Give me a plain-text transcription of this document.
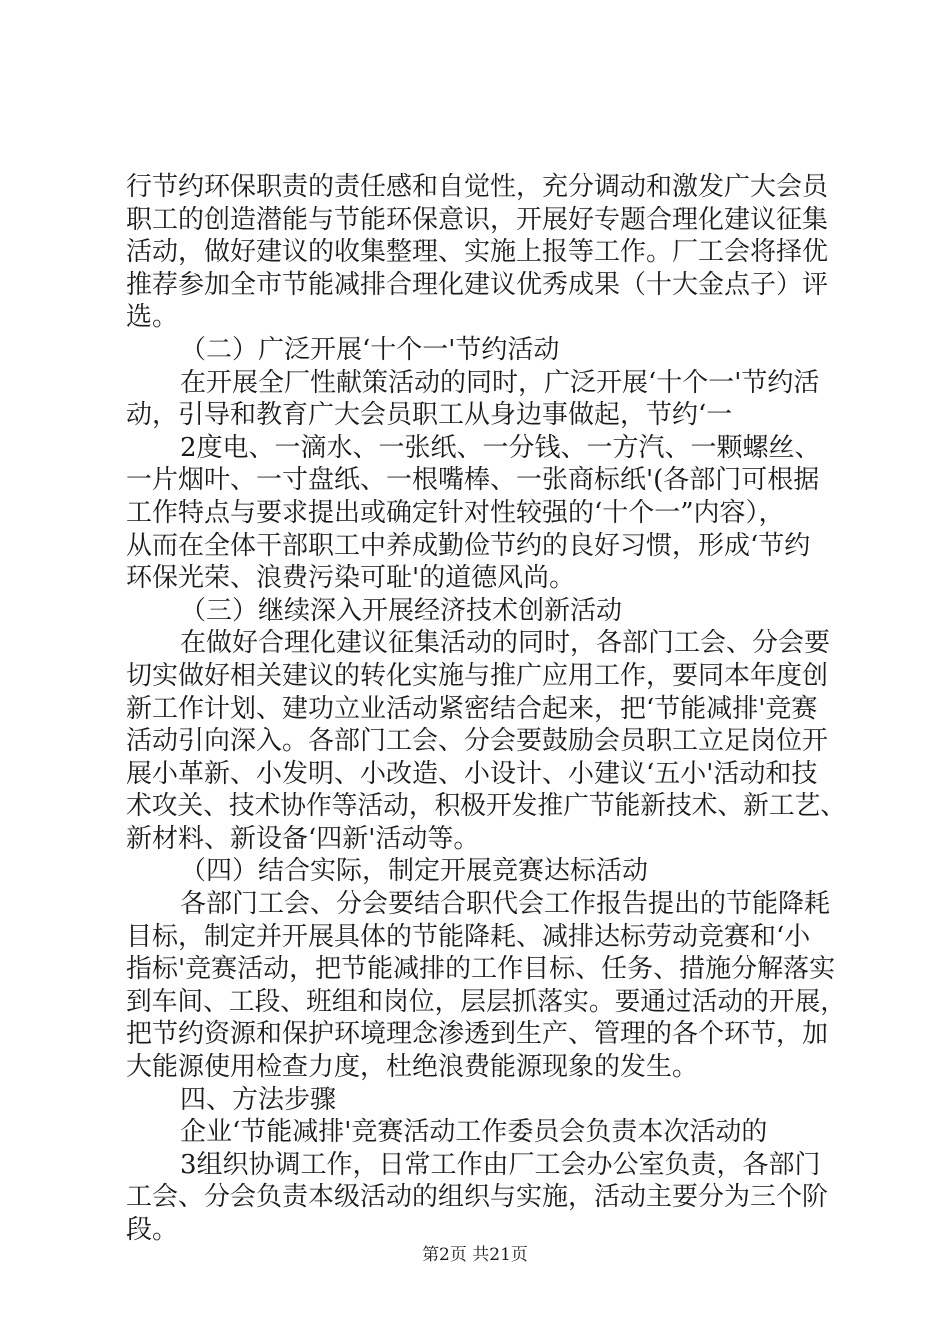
行节约环保职责的责任感和自觉性，充分调动和激发广大会员
职工的创造潜能与节能环保意识，开展好专题合理化建议征集
活动，做好建议的收集整理、实施上报等工作。厂工会将择优
推荐参加全市节能减排合理化建议优秀成果（十大金点子）评
选。
（二）广泛开展‘十个一'节约活动
在开展全厂性献策活动的同时，广泛开展‘十个一'节约活
动，引导和教育广大会员职工从身边事做起，节约‘一
2度电、一滴水、一张纸、一分钱、一方汽、一颗螺丝、
一片烟叶、一寸盘纸、一根嘴棒、一张商标纸'(各部门可根据
工作特点与要求提出或确定针对性较强的‘十个一”内容），
从而在全体干部职工中养成勤俭节约的良好习惯，形成‘节约
环保光荣、浪费污染可耻'的道德风尚。
（三）继续深入开展经济技术创新活动
在做好合理化建议征集活动的同时，各部门工会、分会要
切实做好相关建议的转化实施与推广应用工作，要同本年度创
新工作计划、建功立业活动紧密结合起来，把‘节能减排'竞赛
活动引向深入。各部门工会、分会要鼓励会员职工立足岗位开
展小革新、小发明、小改造、小设计、小建议‘五小'活动和技
术攻关、技术协作等活动，积极开发推广节能新技术、新工艺、
新材料、新设备‘四新'活动等。
（四）结合实际，制定开展竞赛达标活动
各部门工会、分会要结合职代会工作报告提出的节能降耗
目标，制定并开展具体的节能降耗、减排达标劳动竞赛和‘小
指标'竞赛活动，把节能减排的工作目标、任务、措施分解落实
到车间、工段、班组和岗位，层层抓落实。要通过活动的开展，
把节约资源和保护环境理念渗透到生产、管理的各个环节，加
大能源使用检查力度，杜绝浪费能源现象的发生。
四、方法步骤
企业‘节能减排'竞赛活动工作委员会负责本次活动的
3组织协调工作，日常工作由厂工会办公室负责，各部门
工会、分会负责本级活动的组织与实施，活动主要分为三个阶
段。
第2页 共21页
